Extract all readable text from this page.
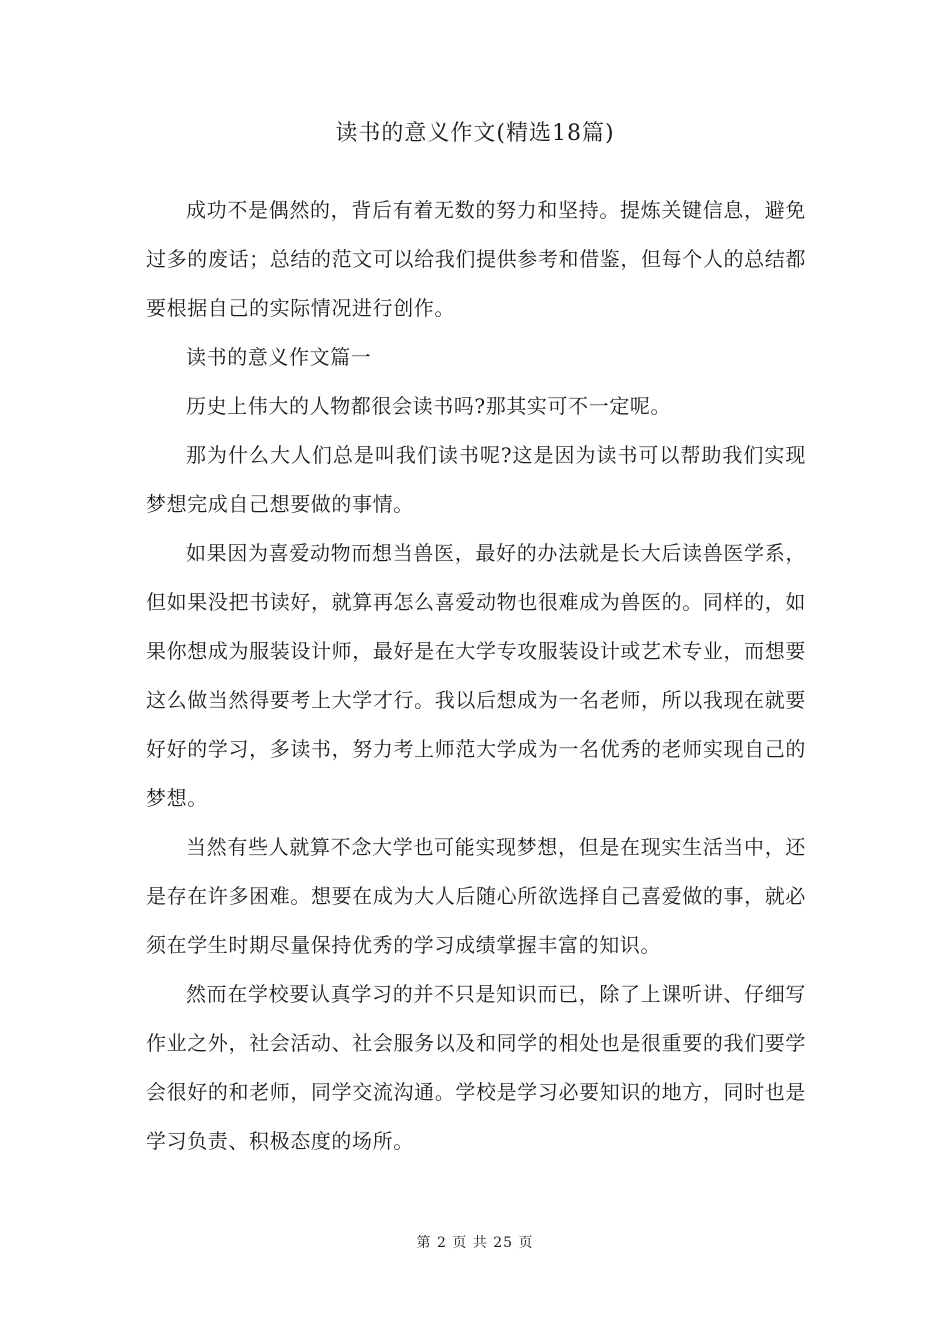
读书的意义作文(精选18篇)

成功不是偶然的，背后有着无数的努力和坚持。提炼关键信息，避免过多的废话；总结的范文可以给我们提供参考和借鉴，但每个人的总结都要根据自己的实际情况进行创作。

读书的意义作文篇一

历史上伟大的人物都很会读书吗?那其实可不一定呢。

那为什么大人们总是叫我们读书呢?这是因为读书可以帮助我们实现梦想完成自己想要做的事情。

如果因为喜爱动物而想当兽医，最好的办法就是长大后读兽医学系，但如果没把书读好，就算再怎么喜爱动物也很难成为兽医的。同样的，如果你想成为服装设计师，最好是在大学专攻服装设计或艺术专业，而想要这么做当然得要考上大学才行。我以后想成为一名老师，所以我现在就要好好的学习，多读书，努力考上师范大学成为一名优秀的老师实现自己的梦想。

当然有些人就算不念大学也可能实现梦想，但是在现实生活当中，还是存在许多困难。想要在成为大人后随心所欲选择自己喜爱做的事，就必须在学生时期尽量保持优秀的学习成绩掌握丰富的知识。

然而在学校要认真学习的并不只是知识而已，除了上课听讲、仔细写作业之外，社会活动、社会服务以及和同学的相处也是很重要的我们要学会很好的和老师，同学交流沟通。学校是学习必要知识的地方，同时也是学习负责、积极态度的场所。

第 2 页 共 25 页
